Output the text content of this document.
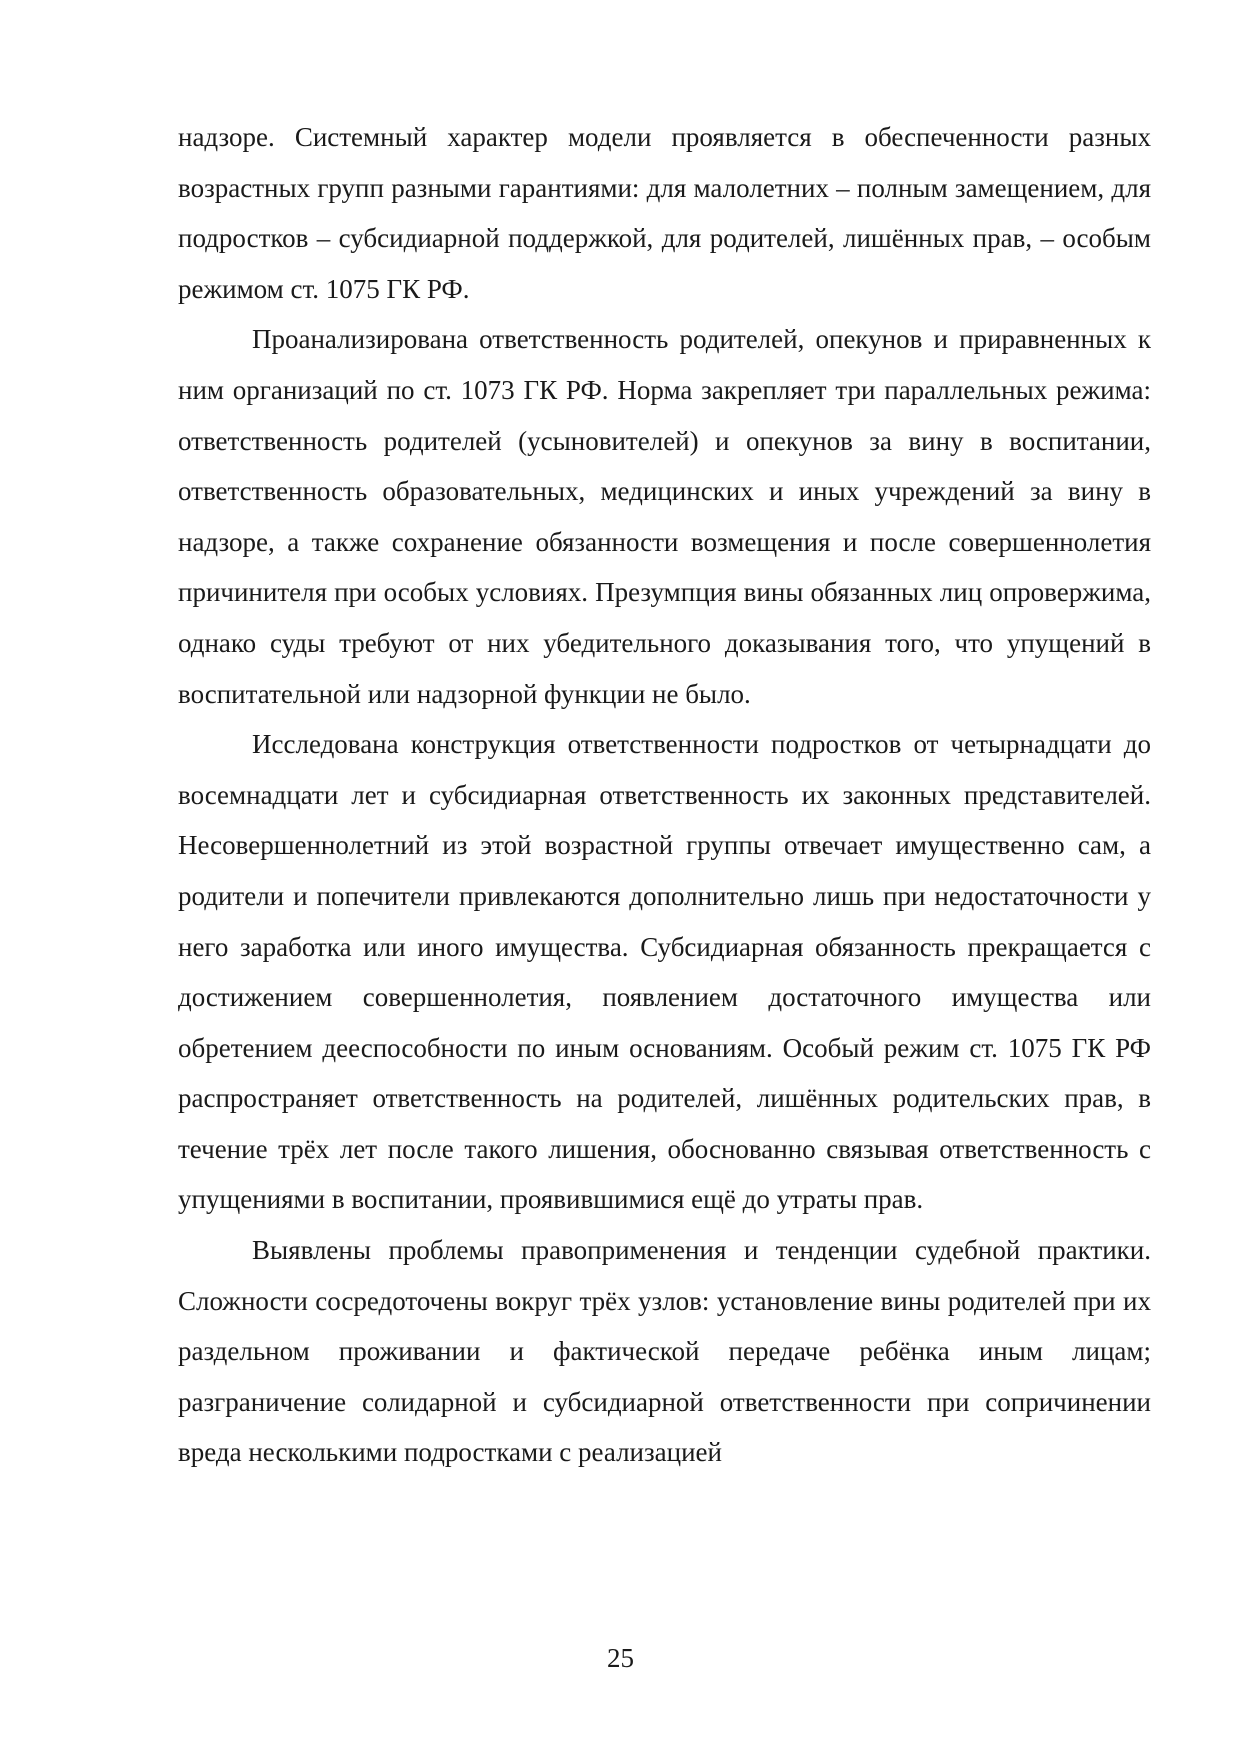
надзоре. Системный характер модели проявляется в обеспеченности разных возрастных групп разными гарантиями: для малолетних – полным замещением, для подростков – субсидиарной поддержкой, для родителей, лишённых прав, – особым режимом ст. 1075 ГК РФ.

Проанализирована ответственность родителей, опекунов и приравненных к ним организаций по ст. 1073 ГК РФ. Норма закрепляет три параллельных режима: ответственность родителей (усыновителей) и опекунов за вину в воспитании, ответственность образовательных, медицинских и иных учреждений за вину в надзоре, а также сохранение обязанности возмещения и после совершеннолетия причинителя при особых условиях. Презумпция вины обязанных лиц опровержима, однако суды требуют от них убедительного доказывания того, что упущений в воспитательной или надзорной функции не было.

Исследована конструкция ответственности подростков от четырнадцати до восемнадцати лет и субсидиарная ответственность их законных представителей. Несовершеннолетний из этой возрастной группы отвечает имущественно сам, а родители и попечители привлекаются дополнительно лишь при недостаточности у него заработка или иного имущества. Субсидиарная обязанность прекращается с достижением совершеннолетия, появлением достаточного имущества или обретением дееспособности по иным основаниям. Особый режим ст. 1075 ГК РФ распространяет ответственность на родителей, лишённых родительских прав, в течение трёх лет после такого лишения, обоснованно связывая ответственность с упущениями в воспитании, проявившимися ещё до утраты прав.

Выявлены проблемы правоприменения и тенденции судебной практики. Сложности сосредоточены вокруг трёх узлов: установление вины родителей при их раздельном проживании и фактической передаче ребёнка иным лицам; разграничение солидарной и субсидиарной ответственности при сопричинении вреда несколькими подростками с реализацией

25
